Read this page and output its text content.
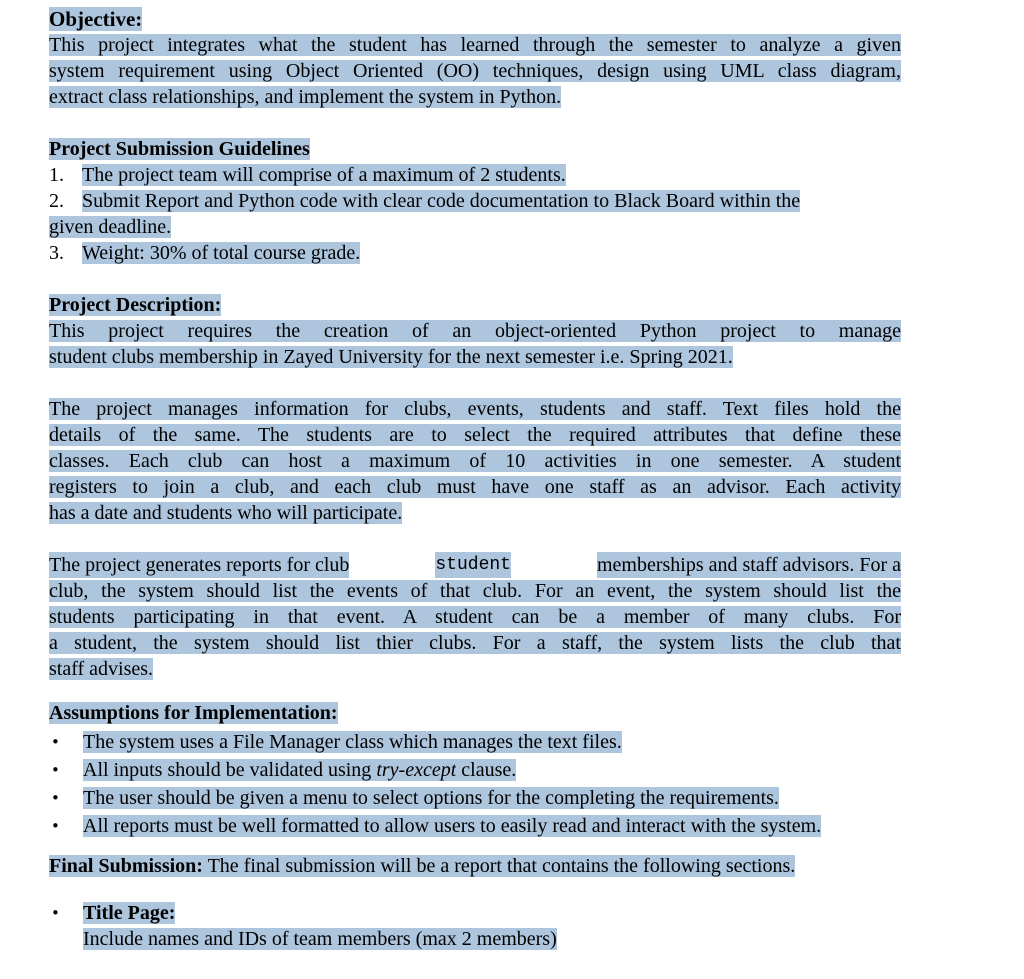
Objective:
This project integrates what the student has learned through the semester to analyze a given
system requirement using Object Oriented (OO) techniques, design using UML class diagram,
extract class relationships, and implement the system in Python.
Project Submission Guidelines
1. The project team will comprise of a maximum of 2 students.
2. Submit Report and Python code with clear code documentation to Black Board within the
given deadline.
3. Weight: 30% of total course grade.
Project Description:
This project requires the creation of an object-oriented Python project to manage
student clubs membership in Zayed University for the next semester i.e. Spring 2021.
The project manages information for clubs, events, students and staff. Text files hold the
details of the same. The students are to select the required attributes that define these
classes. Each club can host a maximum of 10 activities in one semester. A student
registers to join a club, and each club must have one staff as an advisor. Each activity
has a date and students who will participate.
The project generates reports for club	student	memberships and staff advisors. For a
club, the system should list the events of that club. For an event, the system should list the
students participating in that event. A student can be a member of many clubs. For
a student, the system should list thier clubs. For a staff, the system lists the club that
staff advises.
Assumptions for Implementation:
•	The system uses a File Manager class which manages the text files.
•	All inputs should be validated using try-except clause.
•	The user should be given a menu to select options for the completing the requirements.
•	All reports must be well formatted to allow users to easily read and interact with the system.
Final Submission: The final submission will be a report that contains the following sections.
•	Title Page:
Include names and IDs of team members (max 2 members)
